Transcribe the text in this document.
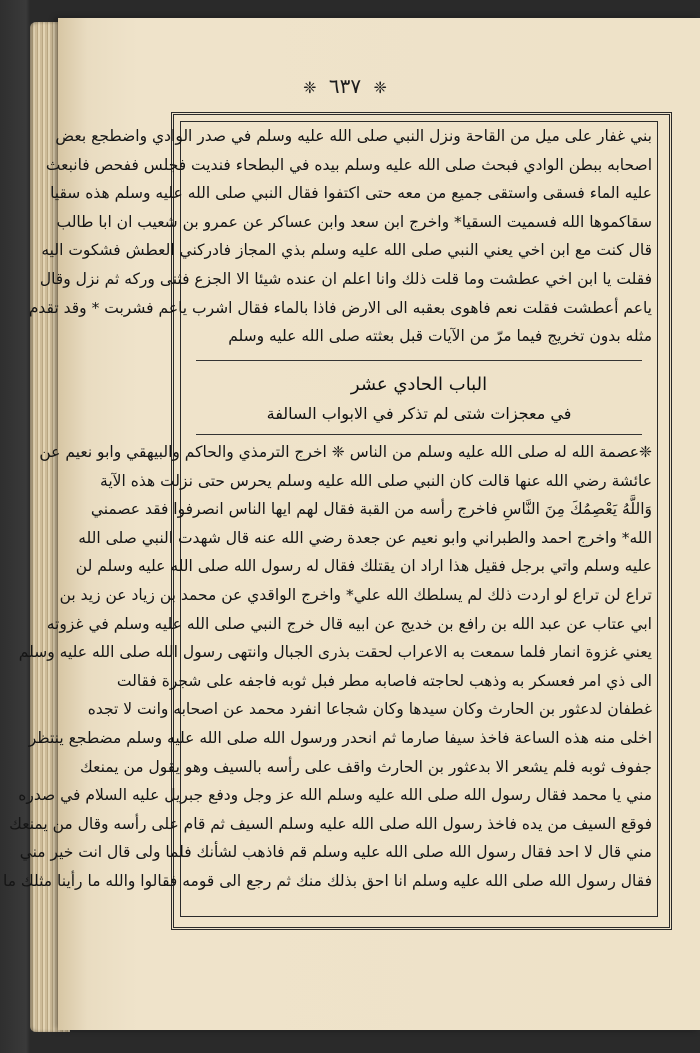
❈ ٦٣٧ ❈
بني غفار على ميل من القاحة ونزل النبي صلى الله عليه وسلم في صدر الوادي واضطجع بعض
اصحابه ببطن الوادي فبحث صلى الله عليه وسلم بيده في البطحاء فنديت فجلس ففحص فانبعث
عليه الماء فسقى واستقى جميع من معه حتى اكتفوا فقال النبي صلى الله عليه وسلم هذه سقيا
سقاكموها الله فسميت السقيا* واخرج ابن سعد وابن عساكر عن عمرو بن شعيب ان ابا طالب
قال كنت مع ابن اخي يعني النبي صلى الله عليه وسلم بذي المجاز فادركني العطش فشكوت اليه
فقلت يا ابن اخي عطشت وما قلت ذلك وانا اعلم ان عنده شيئا الا الجزع فثنى وركه ثم نزل وقال
ياعم أعطشت فقلت نعم فاهوى بعقبه الى الارض فاذا بالماء فقال اشرب ياعم فشربت * وقد تقدم
مثله بدون تخريج فيما مرّ من الآيات قبل بعثته صلى الله عليه وسلم
الباب الحادي عشر
في معجزات شتى لم تذكر في الابواب السالفة
❈عصمة الله له صلى الله عليه وسلم من الناس ❈ اخرج الترمذي والحاكم والبيهقي وابو نعيم عن
عائشة رضي الله عنها قالت كان النبي صلى الله عليه وسلم يحرس حتى نزلت هذه الآية
وَاللَّهُ يَعْصِمُكَ مِنَ النَّاسِ فاخرج رأسه من القبة فقال لهم ايها الناس انصرفوا فقد عصمني
الله* واخرج احمد والطبراني وابو نعيم عن جعدة رضي الله عنه قال شهدت النبي صلى الله
عليه وسلم واتي برجل فقيل هذا اراد ان يقتلك فقال له رسول الله صلى الله عليه وسلم لن
تراع لن تراع لو اردت ذلك لم يسلطك الله علي* واخرج الواقدي عن محمد بن زياد عن زيد بن
ابي عتاب عن عبد الله بن رافع بن خديج عن ابيه قال خرج النبي صلى الله عليه وسلم في غزوته
يعني غزوة انمار فلما سمعت به الاعراب لحقت بذرى الجبال وانتهى رسول الله صلى الله عليه وسلم
الى ذي امر فعسكر به وذهب لحاجته فاصابه مطر فبل ثوبه فاجفه على شجرة فقالت
غطفان لدعثور بن الحارث وكان سيدها وكان شجاعا انفرد محمد عن اصحابه وانت لا تجده
اخلى منه هذه الساعة فاخذ سيفا صارما ثم انحدر ورسول الله صلى الله عليه وسلم مضطجع ينتظر
جفوف ثوبه فلم يشعر الا بدعثور بن الحارث واقف على رأسه بالسيف وهو يقول من يمنعك
مني يا محمد فقال رسول الله صلى الله عليه وسلم الله عز وجل ودفع جبريل عليه السلام في صدره
فوقع السيف من يده فاخذ رسول الله صلى الله عليه وسلم السيف ثم قام على رأسه وقال من يمنعك
مني قال لا احد فقال رسول الله صلى الله عليه وسلم قم فاذهب لشأنك فلما ولى قال انت خير مني
فقال رسول الله صلى الله عليه وسلم انا احق بذلك منك ثم رجع الى قومه فقالوا والله ما رأينا مثلك ما
